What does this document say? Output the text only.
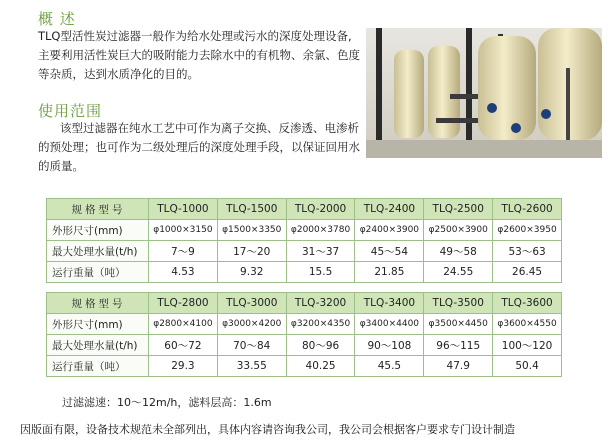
概 述
TLQ型活性炭过滤器一般作为给水处理或污水的深度处理设备,
主要利用活性炭巨大的吸附能力去除水中的有机物、余氯、色度
等杂质，达到水质净化的目的。
使用范围
该型过滤器在纯水工艺中可作为离子交换、反渗透、电渗析
的预处理；也可作为二级处理后的深度处理手段，以保证回用水
的质量。
规格型号	TLQ-1000	TLQ-1500	TLQ-2000	TLQ-2400	TLQ-2500	TLQ-2600
外形尺寸(mm)	φ1000×3150	φ1500×3350	φ2000×3780	φ2400×3900	φ2500×3900	φ2600×3950
最大处理水量(t/h)	7～9	17～20	31～37	45～54	49～58	53～63
运行重量（吨）	4.53	9.32	15.5	21.85	24.55	26.45
规格型号	TLQ-2800	TLQ-3000	TLQ-3200	TLQ-3400	TLQ-3500	TLQ-3600
外形尺寸(mm)	φ2800×4100	φ3000×4200	φ3200×4350	φ3400×4400	φ3500×4450	φ3600×4550
最大处理水量(t/h)	60～72	70～84	80～96	90～108	96～115	100～120
运行重量（吨）	29.3	33.55	40.25	45.5	47.9	50.4
过滤滤速：10～12m/h，滤料层高：1.6m
因版面有限，设备技术规范未全部列出，具体内容请咨询我公司，我公司会根据客户要求专门设计制造
